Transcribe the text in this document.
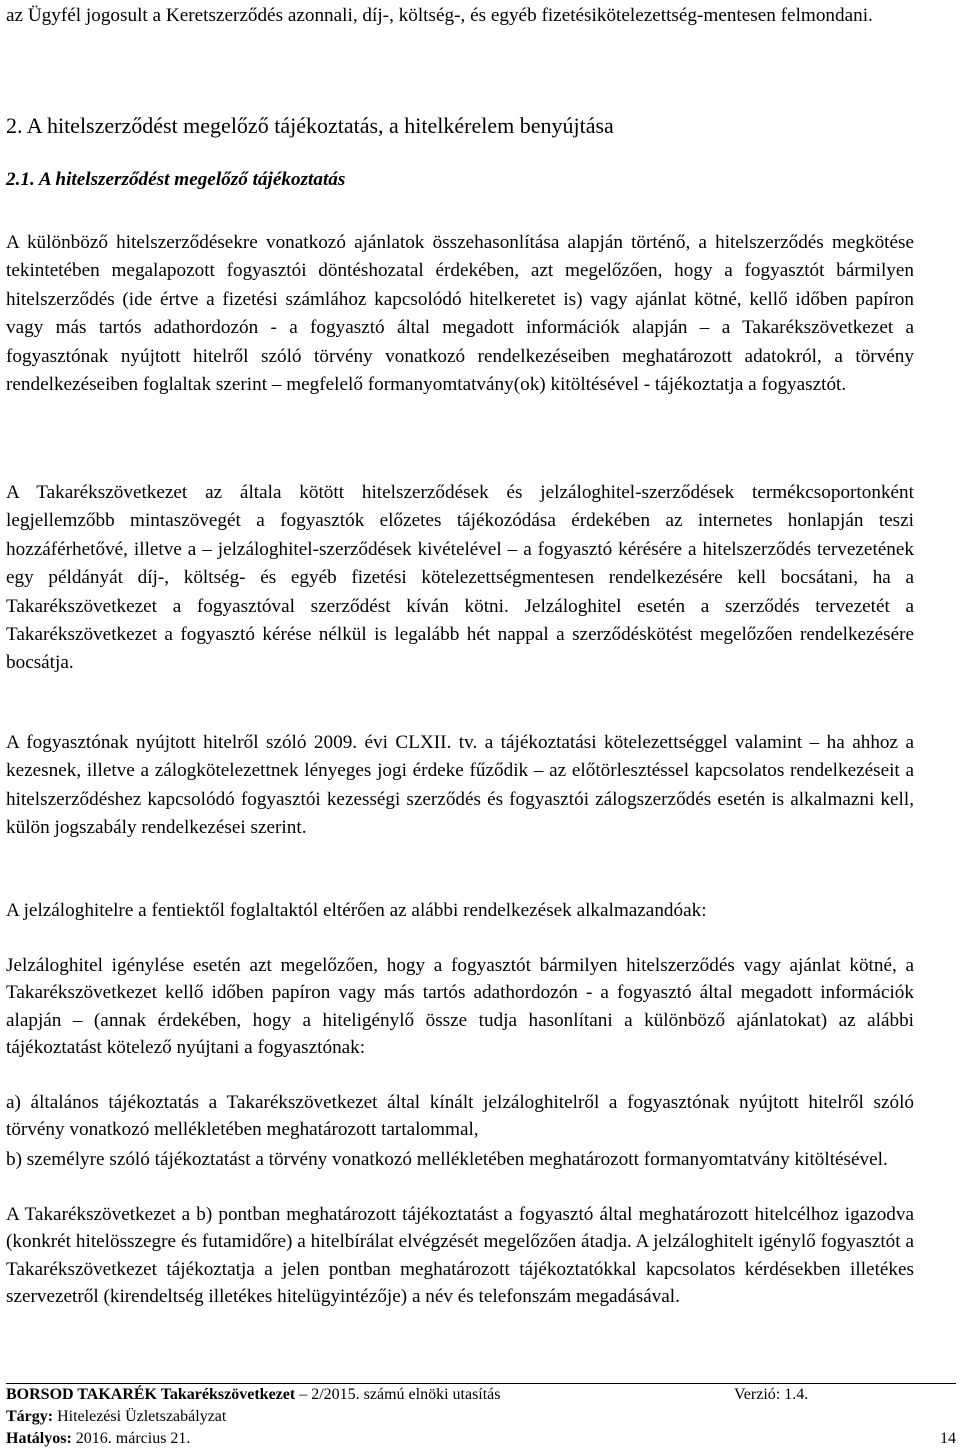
az Ügyfél jogosult a Keretszerződés azonnali, díj-, költség-, és egyéb fizetésikötelezettség-mentesen felmondani.

2. A hitelszerződést megelőző tájékoztatás, a hitelkérelem benyújtása
2.1. A hitelszerződést megelőző tájékoztatás

A különböző hitelszerződésekre vonatkozó ajánlatok összehasonlítása alapján történő, a hitelszerződés megkötése tekintetében megalapozott fogyasztói döntéshozatal érdekében, azt megelőzően, hogy a fogyasztót bármilyen hitelszerződés (ide értve a fizetési számlához kapcsolódó hitelkeretet is) vagy ajánlat kötné, kellő időben papíron vagy más tartós adathordozón - a fogyasztó által megadott információk alapján – a Takarékszövetkezet a fogyasztónak nyújtott hitelről szóló törvény vonatkozó rendelkezéseiben meghatározott adatokról, a törvény rendelkezéseiben foglaltak szerint – megfelelő formanyomtatvány(ok) kitöltésével - tájékoztatja a fogyasztót.

A Takarékszövetkezet az általa kötött hitelszerződések és jelzáloghitel-szerződések termékcsoportonként legjellemzőbb mintaszövegét a fogyasztók előzetes tájékozódása érdekében az internetes honlapján teszi hozzáférhetővé, illetve a – jelzáloghitel-szerződések kivételével – a fogyasztó kérésére a hitelszerződés tervezetének egy példányát díj-, költség- és egyéb fizetési kötelezettségmentesen rendelkezésére kell bocsátani, ha a Takarékszövetkezet a fogyasztóval szerződést kíván kötni. Jelzáloghitel esetén a szerződés tervezetét a Takarékszövetkezet a fogyasztó kérése nélkül is legalább hét nappal a szerződéskötést megelőzően rendelkezésére bocsátja.

A fogyasztónak nyújtott hitelről szóló 2009. évi CLXII. tv. a tájékoztatási kötelezettséggel valamint – ha ahhoz a kezesnek, illetve a zálogkötelezettnek lényeges jogi érdeke fűződik – az előtörlesztéssel kapcsolatos rendelkezéseit a hitelszerződéshez kapcsolódó fogyasztói kezességi szerződés és fogyasztói zálogszerződés esetén is alkalmazni kell, külön jogszabály rendelkezései szerint.

A jelzáloghitelre a fentiektől foglaltaktól eltérően az alábbi rendelkezések alkalmazandóak:

Jelzáloghitel igénylése esetén azt megelőzően, hogy a fogyasztót bármilyen hitelszerződés vagy ajánlat kötné, a Takarékszövetkezet kellő időben papíron vagy más tartós adathordozón - a fogyasztó által megadott információk alapján – (annak érdekében, hogy a hiteligénylő össze tudja hasonlítani a különböző ajánlatokat) az alábbi tájékoztatást kötelező nyújtani a fogyasztónak:

a) általános tájékoztatás a Takarékszövetkezet által kínált jelzáloghitelről a fogyasztónak nyújtott hitelről szóló törvény vonatkozó mellékletében meghatározott tartalommal,

b) személyre szóló tájékoztatást a törvény vonatkozó mellékletében meghatározott formanyomtatvány kitöltésével.

A Takarékszövetkezet a b) pontban meghatározott tájékoztatást a fogyasztó által meghatározott hitelcélhoz igazodva (konkrét hitelösszegre és futamidőre) a hitelbírálat elvégzését megelőzően átadja. A jelzáloghitelt igénylő fogyasztót a Takarékszövetkezet tájékoztatja a jelen pontban meghatározott tájékoztatókkal kapcsolatos kérdésekben illetékes szervezetről (kirendeltség illetékes hitelügyintézője) a név és telefonszám megadásával.

BORSOD TAKARÉK Takarékszövetkezet – 2/2015. számú elnöki utasítás	Verzió: 1.4.
Tárgy: Hitelezési Üzletszabályzat
Hatályos: 2016. március 21.	14
